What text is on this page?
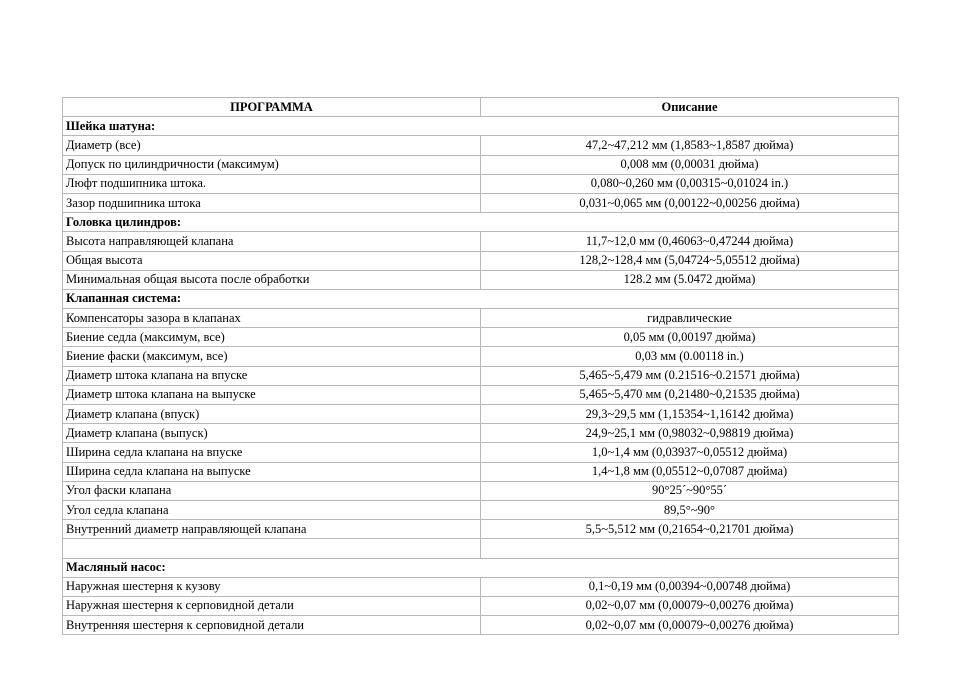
ПРОГРАММА	Описание
Шейка шатуна:	
Диаметр (все)	47,2~47,212 мм (1,8583~1,8587 дюйма)
Допуск по цилиндричности (максимум)	0,008 мм (0,00031 дюйма)
Люфт подшипника штока.	0,080~0,260 мм (0,00315~0,01024 in.)
Зазор подшипника штока	0,031~0,065 мм (0,00122~0,00256 дюйма)
Головка цилиндров:	
Высота направляющей клапана	11,7~12,0 мм (0,46063~0,47244 дюйма)
Общая высота	128,2~128,4 мм (5,04724~5,05512 дюйма)
Минимальная общая высота после обработки	128.2 мм (5.0472 дюйма)
Клапанная система:	
Компенсаторы зазора в клапанах	гидравлические
Биение седла (максимум, все)	0,05 мм (0,00197 дюйма)
Биение фаски (максимум, все)	0,03 мм (0.00118 in.)
Диаметр штока клапана на впуске	5,465~5,479 мм (0.21516~0.21571 дюйма)
Диаметр штока клапана на выпуске	5,465~5,470 мм (0,21480~0,21535 дюйма)
Диаметр клапана (впуск)	29,3~29,5 мм (1,15354~1,16142 дюйма)
Диаметр клапана (выпуск)	24,9~25,1 мм (0,98032~0,98819 дюйма)
Ширина седла клапана на впуске	1,0~1,4 мм (0,03937~0,05512 дюйма)
Ширина седла клапана на выпуске	1,4~1,8 мм (0,05512~0,07087 дюйма)
Угол фаски клапана	90°25´~90°55´
Угол седла клапана	89,5°~90°
Внутренний диаметр направляющей клапана	5,5~5,512 мм (0,21654~0,21701 дюйма)

Масляный насос:	
Наружная шестерня к кузову	0,1~0,19 мм (0,00394~0,00748 дюйма)
Наружная шестерня к серповидной детали	0,02~0,07 мм (0,00079~0,00276 дюйма)
Внутренняя шестерня к серповидной детали	0,02~0,07 мм (0,00079~0,00276 дюйма)
